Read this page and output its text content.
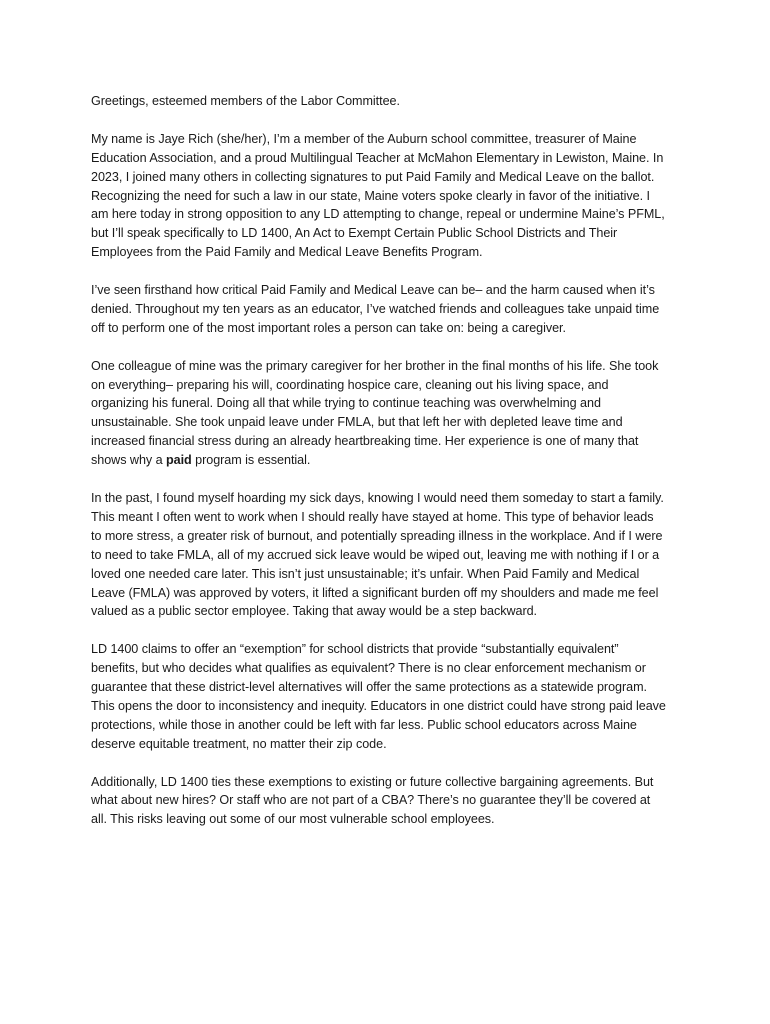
Greetings, esteemed members of the Labor Committee.

My name is Jaye Rich (she/her), I’m a member of the Auburn school committee, treasurer of Maine Education Association, and a proud Multilingual Teacher at McMahon Elementary in Lewiston, Maine. In 2023, I joined many others in collecting signatures to put Paid Family and Medical Leave on the ballot. Recognizing the need for such a law in our state, Maine voters spoke clearly in favor of the initiative. I am here today in strong opposition to any LD attempting to change, repeal or undermine Maine’s PFML, but I’ll speak specifically to LD 1400, An Act to Exempt Certain Public School Districts and Their Employees from the Paid Family and Medical Leave Benefits Program.

I’ve seen firsthand how critical Paid Family and Medical Leave can be– and the harm caused when it’s denied. Throughout my ten years as an educator, I’ve watched friends and colleagues take unpaid time off to perform one of the most important roles a person can take on: being a caregiver.

One colleague of mine was the primary caregiver for her brother in the final months of his life. She took on everything– preparing his will, coordinating hospice care, cleaning out his living space, and organizing his funeral. Doing all that while trying to continue teaching was overwhelming and unsustainable. She took unpaid leave under FMLA, but that left her with depleted leave time and increased financial stress during an already heartbreaking time. Her experience is one of many that shows why a paid program is essential.

In the past, I found myself hoarding my sick days, knowing I would need them someday to start a family. This meant I often went to work when I should really have stayed at home. This type of behavior leads to more stress, a greater risk of burnout, and potentially spreading illness in the workplace. And if I were to need to take FMLA, all of my accrued sick leave would be wiped out, leaving me with nothing if I or a loved one needed care later. This isn’t just unsustainable; it’s unfair. When Paid Family and Medical Leave (FMLA) was approved by voters, it lifted a significant burden off my shoulders and made me feel valued as a public sector employee. Taking that away would be a step backward.

LD 1400 claims to offer an “exemption” for school districts that provide “substantially equivalent” benefits, but who decides what qualifies as equivalent? There is no clear enforcement mechanism or guarantee that these district-level alternatives will offer the same protections as a statewide program. This opens the door to inconsistency and inequity. Educators in one district could have strong paid leave protections, while those in another could be left with far less. Public school educators across Maine deserve equitable treatment, no matter their zip code.

Additionally, LD 1400 ties these exemptions to existing or future collective bargaining agreements. But what about new hires? Or staff who are not part of a CBA? There’s no guarantee they’ll be covered at all. This risks leaving out some of our most vulnerable school employees.
